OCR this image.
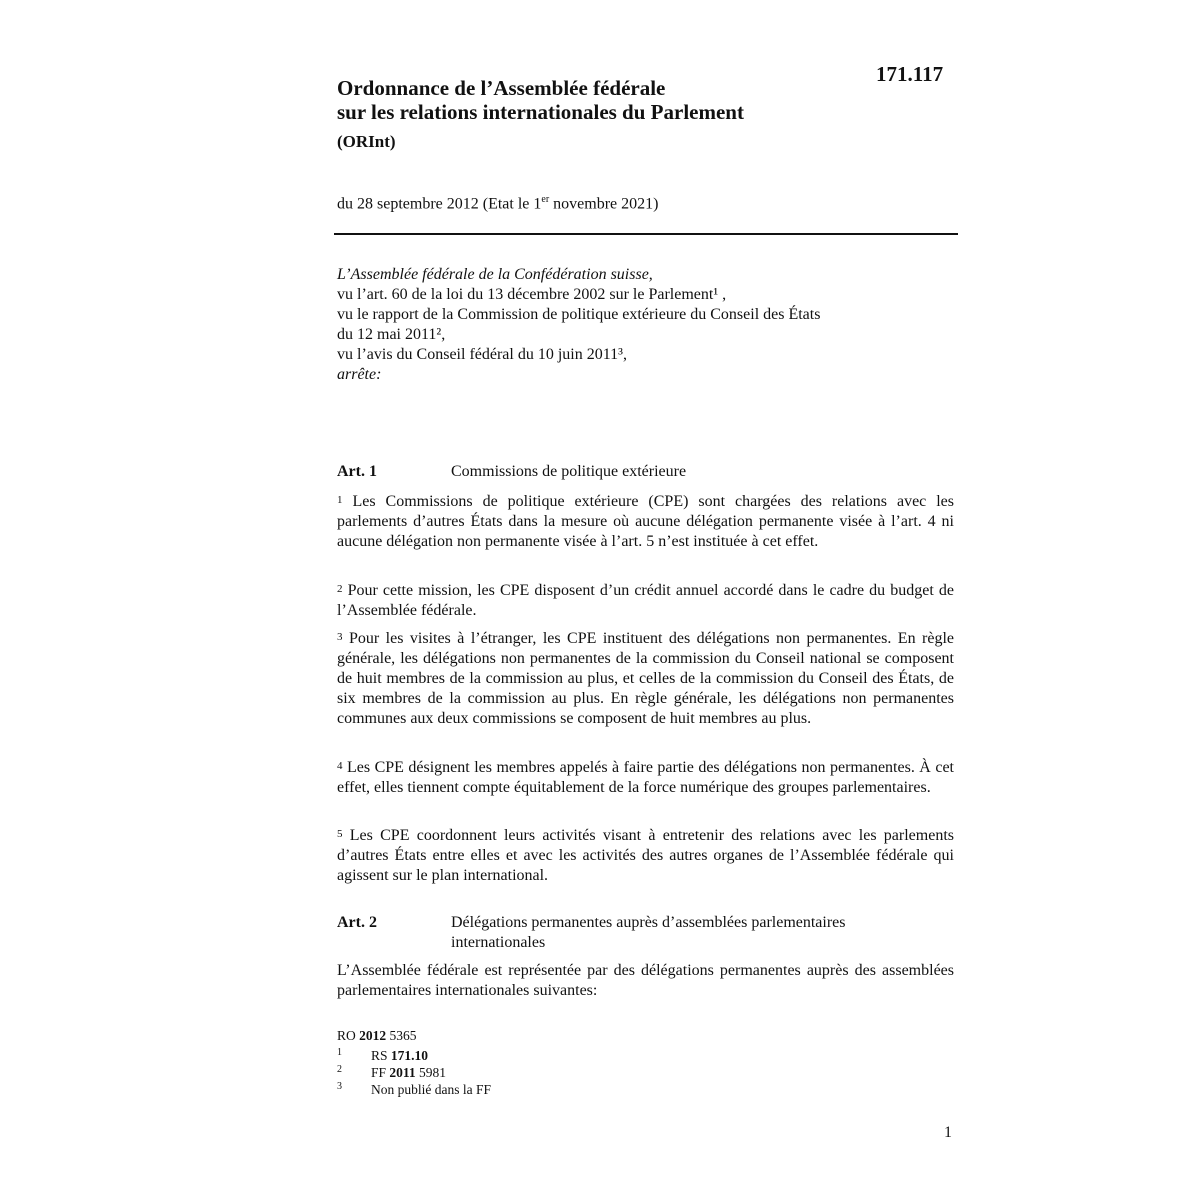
171.117
Ordonnance de l’Assemblée fédérale
sur les relations internationales du Parlement
(ORInt)
du 28 septembre 2012 (Etat le 1er novembre 2021)
L’Assemblée fédérale de la Confédération suisse,
vu l’art. 60 de la loi du 13 décembre 2002 sur le Parlement¹ ,
vu le rapport de la Commission de politique extérieure du Conseil des États
du 12 mai 2011²,
vu l’avis du Conseil fédéral du 10 juin 2011³,
arrête:
Art. 1	Commissions de politique extérieure
$^1$ Les Commissions de politique extérieure (CPE) sont chargées des relations avec les parlements d’autres États dans la mesure où aucune délégation permanente visée à l’art. 4 ni aucune délégation non permanente visée à l’art. 5 n’est instituée à cet effet.
$^2$ Pour cette mission, les CPE disposent d’un crédit annuel accordé dans le cadre du budget de l’Assemblée fédérale.
$^3$ Pour les visites à l’étranger, les CPE instituent des délégations non permanentes. En règle générale, les délégations non permanentes de la commission du Conseil national se composent de huit membres de la commission au plus, et celles de la commission du Conseil des États, de six membres de la commission au plus. En règle générale, les délégations non permanentes communes aux deux commissions se composent de huit membres au plus.
$^4$ Les CPE désignent les membres appelés à faire partie des délégations non permanentes. À cet effet, elles tiennent compte équitablement de la force numérique des groupes parlementaires.
$^5$ Les CPE coordonnent leurs activités visant à entretenir des relations avec les parlements d’autres États entre elles et avec les activités des autres organes de l’Assemblée fédérale qui agissent sur le plan international.
Art. 2	Délégations permanentes auprès d’assemblées parlementaires
internationales
L’Assemblée fédérale est représentée par des délégations permanentes auprès des assemblées parlementaires internationales suivantes:
RO 2012 5365
1 RS 171.10
2 FF 2011 5981
3 Non publié dans la FF
1
